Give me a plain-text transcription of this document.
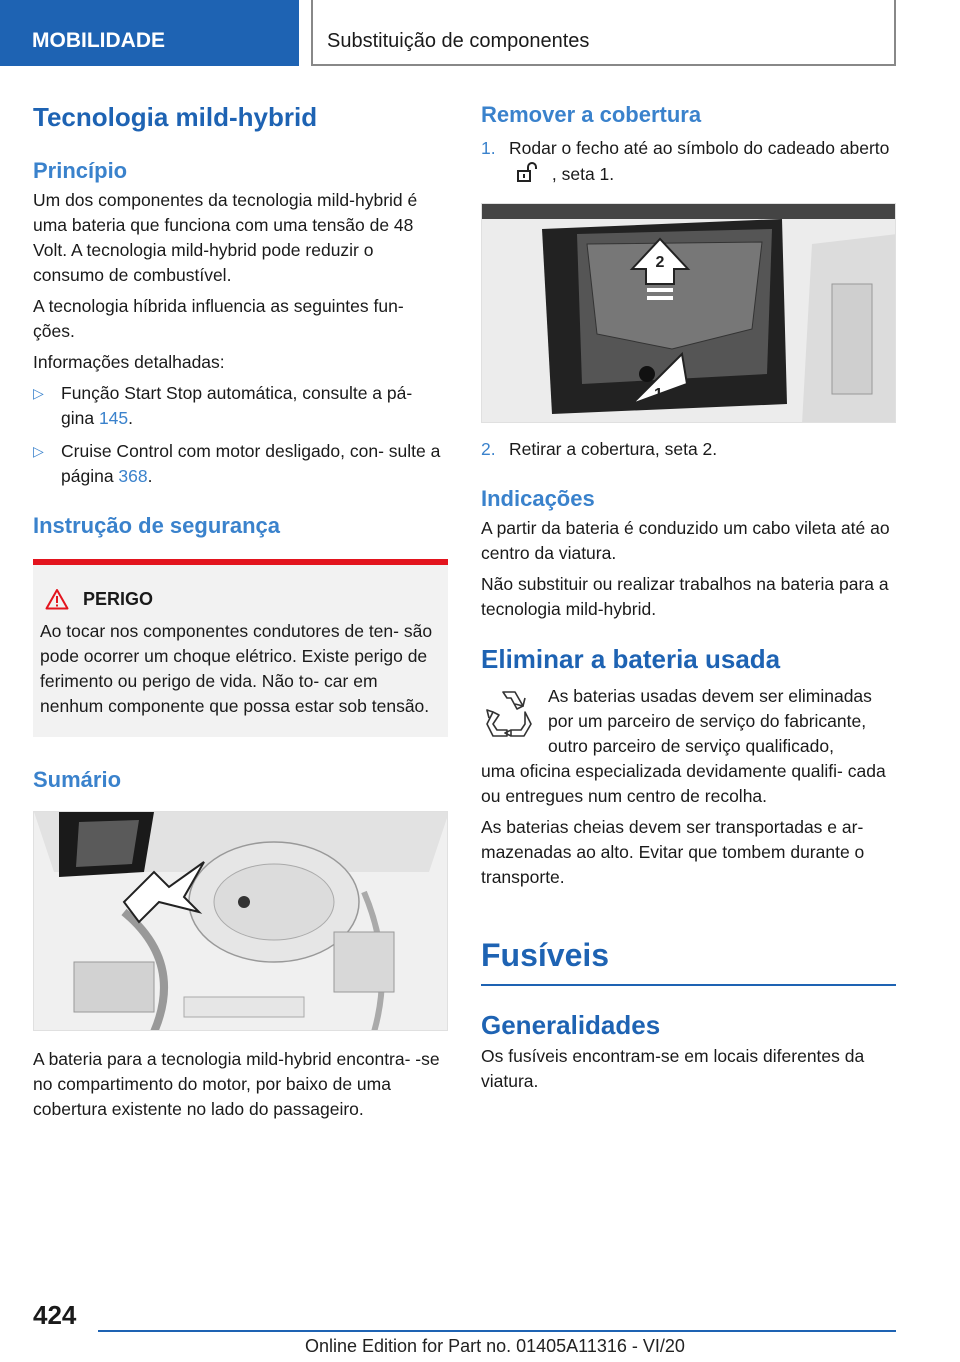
MOBILIDADE	Substituição de componentes
Tecnologia mild-hybrid
Princípio
Um dos componentes da tecnologia mild-hybrid é uma bateria que funciona com uma tensão de 48 Volt. A tecnologia mild-hybrid pode reduzir o consumo de combustível.
A tecnologia híbrida influencia as seguintes fun- ções.
Informações detalhadas:
▷ Função Start Stop automática, consulte a pá- gina 145.
▷ Cruise Control com motor desligado, con- sulte a página 368.
Instrução de segurança
PERIGO
Ao tocar nos componentes condutores de ten- são pode ocorrer um choque elétrico. Existe perigo de ferimento ou perigo de vida. Não to- car em nenhum componente que possa estar sob tensão.
Sumário
A bateria para a tecnologia mild-hybrid encontra- -se no compartimento do motor, por baixo de uma cobertura existente no lado do passageiro.
Remover a cobertura
1. Rodar o fecho até ao símbolo do cadeado aberto  , seta 1.
2
1
2. Retirar a cobertura, seta 2.
Indicações
A partir da bateria é conduzido um cabo vileta até ao centro da viatura.
Não substituir ou realizar trabalhos na bateria para a tecnologia mild-hybrid.
Eliminar a bateria usada
As baterias usadas devem ser eliminadas por um parceiro de serviço do fabricante, outro parceiro de serviço qualificado,
uma oficina especializada devidamente qualifi- cada ou entregues num centro de recolha.
As baterias cheias devem ser transportadas e ar- mazenadas ao alto. Evitar que tombem durante o transporte.
Fusíveis
Generalidades
Os fusíveis encontram-se em locais diferentes da viatura.
424
Online Edition for Part no. 01405A11316 - VI/20
